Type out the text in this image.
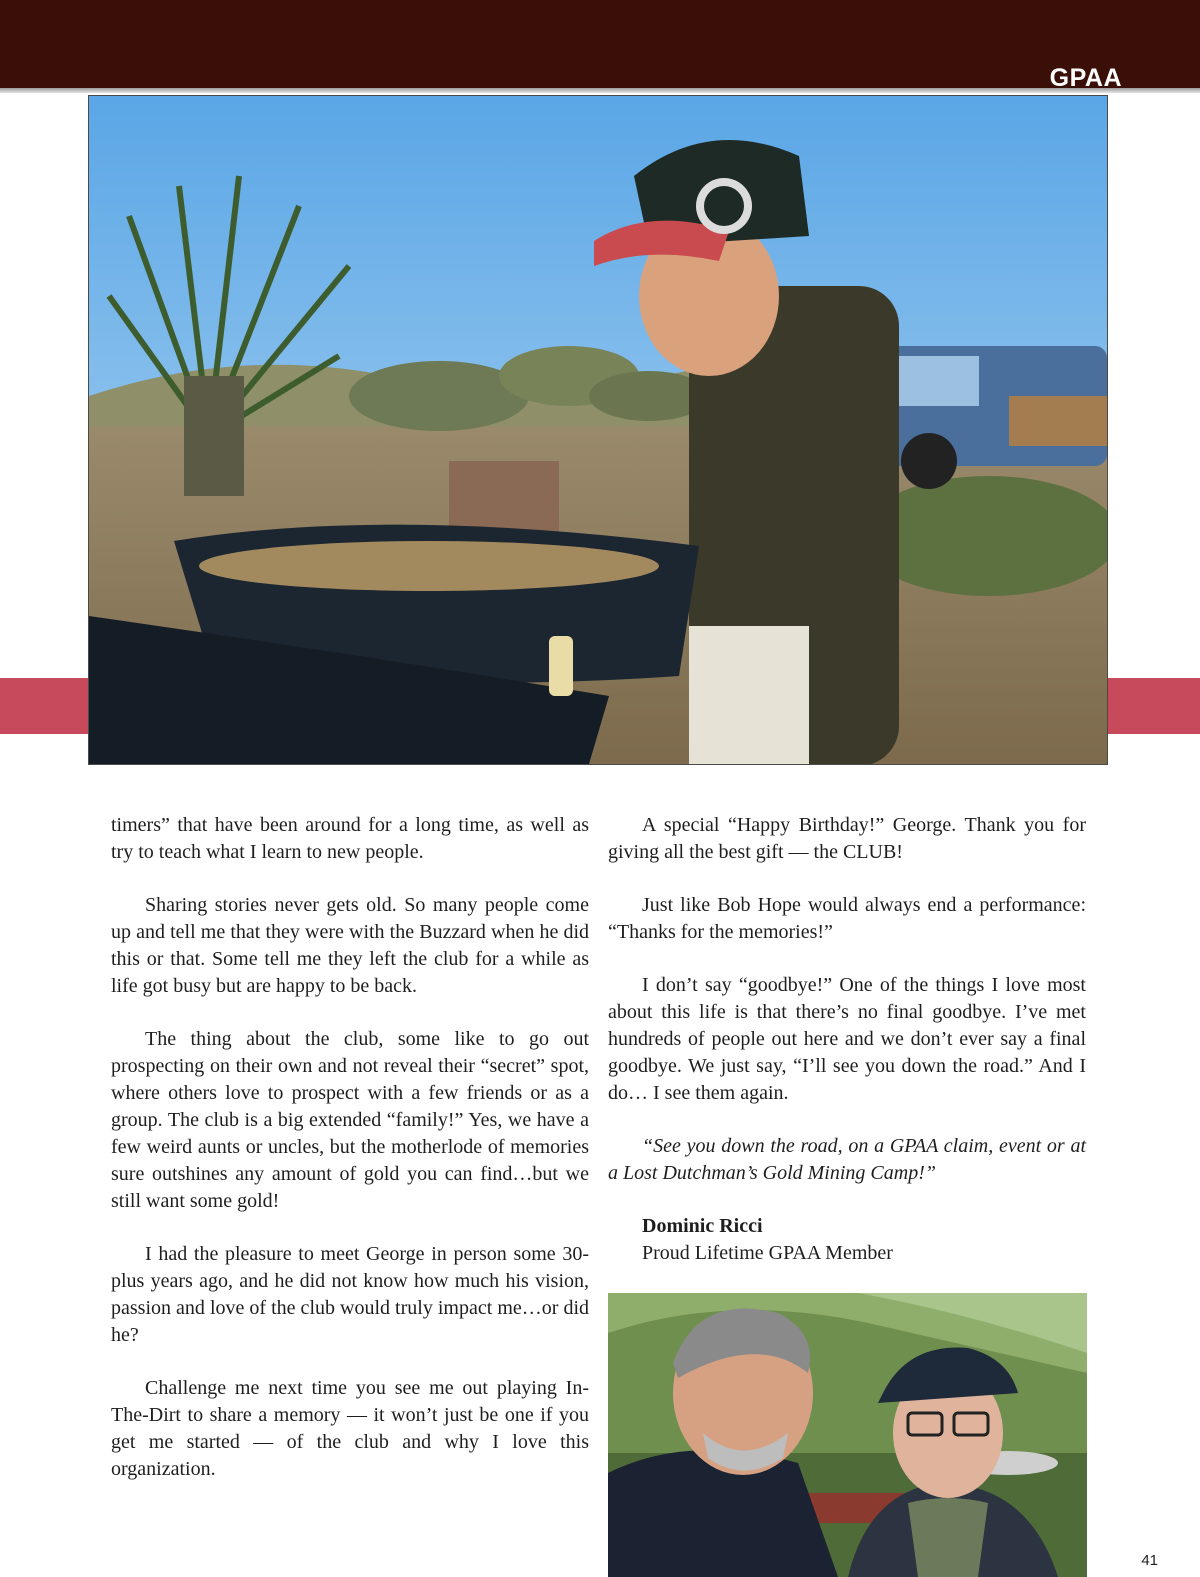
GPAA

timers” that have been around for a long time, as well as try to teach what I learn to new people.

Sharing stories never gets old. So many people come up and tell me that they were with the Buzzard when he did this or that. Some tell me they left the club for a while as life got busy but are happy to be back.

The thing about the club, some like to go out prospecting on their own and not reveal their “secret” spot, where others love to prospect with a few friends or as a group. The club is a big extended “family!” Yes, we have a few weird aunts or uncles, but the motherlode of memories sure outshines any amount of gold you can find…but we still want some gold!

I had the pleasure to meet George in person some 30-plus years ago, and he did not know how much his vision, passion and love of the club would truly impact me…or did he?

Challenge me next time you see me out playing In-The-Dirt to share a memory — it won’t just be one if you get me started — of the club and why I love this organization.

A special “Happy Birthday!” George. Thank you for giving all the best gift — the CLUB!

Just like Bob Hope would always end a performance: “Thanks for the memories!”

I don’t say “goodbye!” One of the things I love most about this life is that there’s no final goodbye. I’ve met hundreds of people out here and we don’t ever say a final goodbye. We just say, “I’ll see you down the road.” And I do… I see them again.

“See you down the road, on a GPAA claim, event or at a Lost Dutchman’s Gold Mining Camp!”

Dominic Ricci
Proud Lifetime GPAA Member

41
